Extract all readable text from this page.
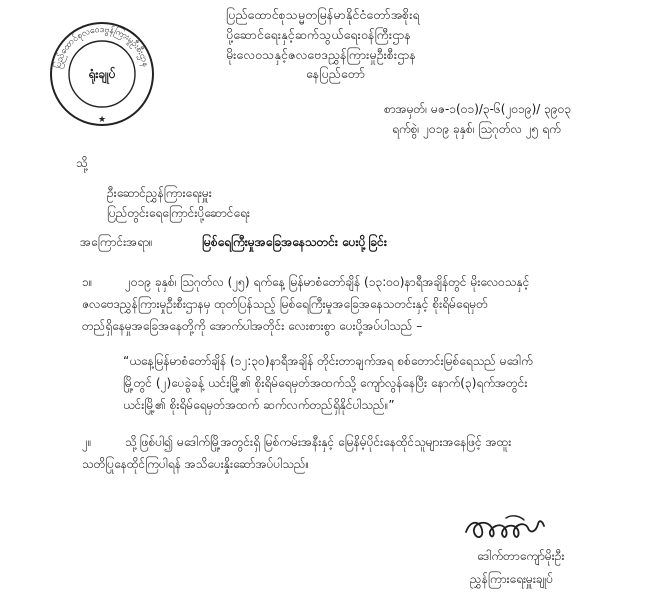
ပြည်ထောင်စုလဝေဒဗွန်ကြားမှုဦးစီးဌာန
ရုံးချုပ်
★
ပြည်ထောင်စုသမ္မတမြန်မာနိုင်ငံတော်အစိုးရ
ပို့ဆောင်ရေးနှင့်ဆက်သွယ်ရေးဝန်ကြီးဌာန
မိုးလေဝသနှင့်ဇလဗေဒညွှန်ကြားမှုဦးစီးဌာန
နေပြည်တော်
စာအမှတ်၊ မဇ-၁(၀၁)/၃-၆(၂၀၁၉)/ ၃၉၀၃
ရက်စွဲ၊ ၂၀၁၉ ခုနှစ်၊ ဩဂုတ်လ ၂၅ ရက်
သို့
ဦးဆောင်ညွှန်ကြားရေးမှူး
ပြည်တွင်းရေကြောင်းပို့ဆောင်ရေး
အကြောင်းအရာ။	မြစ်ရေကြီးမှုအခြေအနေသတင်း ပေးပို့ခြင်း
၁။	၂၀၁၉ ခုနှစ်၊ ဩဂုတ်လ (၂၅) ရက်နေ့ မြန်မာစံတော်ချိန် (၁၃:၀၀)နာရီအချိန်တွင် မိုးလေဝသနှင့်
ဇလဗေဒညွှန်ကြားမှုဦးစီးဌာနမှ ထုတ်ပြန်သည့် မြစ်ရေကြီးမှုအခြေအနေသတင်းနှင့် စိုးရိမ်ရေမှတ်
တည်ရှိနေမှုအခြေအနေတို့ကို အောက်ပါအတိုင်း လေးစားစွာ ပေးပို့အပ်ပါသည် –
“ယနေ့မြန်မာစံတော်ချိန် (၁၂:၃၀)နာရီအချိန် တိုင်းတာချက်အရ စစ်တောင်းမြစ်ရေသည် မဒေါက်
မြို့တွင် (၂)ပေခွဲခန့် ယင်းမြို့၏ စိုးရိမ်ရေမှတ်အထက်သို့ ကျော်လွန်နေပြီး နောက်(၃)ရက်အတွင်း
ယင်းမြို့၏ စိုးရိမ်ရေမှတ်အထက် ဆက်လက်တည်ရှိနိုင်ပါသည်။”
၂။	သို့ဖြစ်ပါ၍ မဒေါက်မြို့အတွင်းရှိ မြစ်ကမ်းအနီးနှင့် မြေနိမ့်ပိုင်းနေထိုင်သူများအနေဖြင့် အထူး
သတိပြုနေထိုင်ကြပါရန် အသိပေးနှိုးဆော်အပ်ပါသည်။
ဒေါက်တာကျော်မိုးဦး
ညွှန်ကြားရေးမှူးချုပ်
